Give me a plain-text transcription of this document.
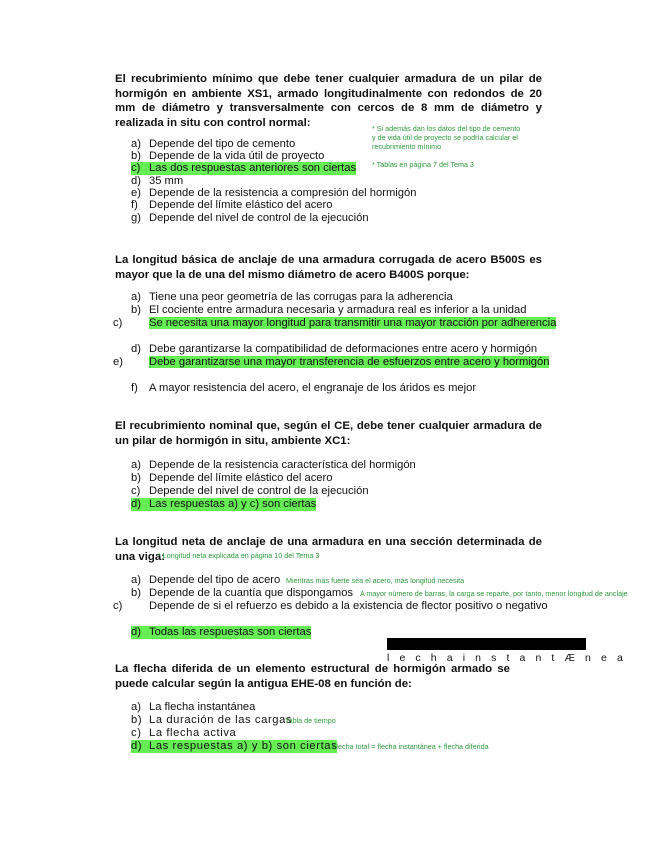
El recubrimiento mínimo que debe tener cualquier armadura de un pilar de hormigón en ambiente XS1, armado longitudinalmente con redondos de 20 mm de diámetro y transversalmente con cercos de 8 mm de diámetro y realizada in situ con control normal:	* Si además dan los datos del tipo de cemento y de vida útil de proyecto se podría calcular el recubrimiento mínimo
* Tablas en página 7 del Tema 3
a) Depende del tipo de cemento
b) Depende de la vida útil de proyecto
c) Las dos respuestas anteriores son ciertas
d) 35 mm
e) Depende de la resistencia a compresión del hormigón
f) Depende del límite elástico del acero
g) Depende del nivel de control de la ejecución

La longitud básica de anclaje de una armadura corrugada de acero B500S es mayor que la de una del mismo diámetro de acero B400S porque:

a) Tiene una peor geometría de las corrugas para la adherencia
b) El cociente entre armadura necesaria y armadura real es inferior a la unidad
c) Se necesita una mayor longitud para transmitir una mayor tracción por adherencia
d) Debe garantizarse la compatibilidad de deformaciones entre acero y hormigón
e) Debe garantizarse una mayor transferencia de esfuerzos entre acero y hormigón
f) A mayor resistencia del acero, el engranaje de los áridos es mejor

El recubrimiento nominal que, según el CE, debe tener cualquier armadura de un pilar de hormigón in situ, ambiente XC1:

a) Depende de la resistencia característica del hormigón
b) Depende del límite elástico del acero
c) Depende del nivel de control de la ejecución
d) Las respuestas a) y c) son ciertas

La longitud neta de anclaje de una armadura en una sección determinada de una viga:

* Longitud neta explicada en página 10 del Tema 3
a) Depende del tipo de acero Mientras más fuerte sea el acero, más longitud necesita
b) Depende de la cuantía que dispongamos A mayor número de barras, la carga se reparte, por tanto, menor longitud de anclaje
c) Depende de si el refuerzo es debido a la existencia de flector positivo o negativo
d) Todas las respuestas son ciertas
l e c h a i n s t a n t Æ n e a

La flecha diferida de un elemento estructural de hormigón armado se puede calcular según la antigua EHE-08 en función de:

a) La flecha instantánea
b) La duración de las cargas
Tabla de tiempo
c) La flecha activa
d) Las respuestas a) y b) son ciertas
Flecha total = flecha instantánea + flecha diferida
